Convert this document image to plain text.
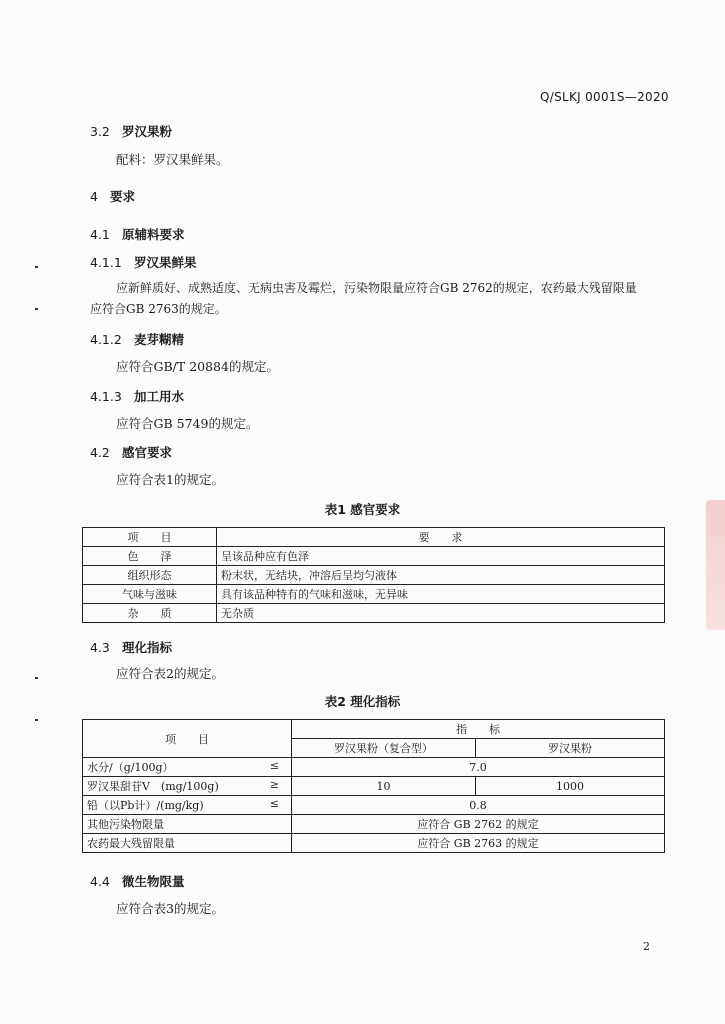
Q/SLKJ 0001S—2020
3.2 罗汉果粉
配料：罗汉果鲜果。
4 要求
4.1 原辅料要求
4.1.1 罗汉果鲜果
应新鲜质好、成熟适度、无病虫害及霉烂，污染物限量应符合GB 2762的规定，农药最大残留限量
应符合GB 2763的规定。
4.1.2 麦芽糊精
应符合GB/T 20884的规定。
4.1.3 加工用水
应符合GB 5749的规定。
4.2 感官要求
应符合表1的规定。
表1 感官要求
项　　目	要　　求
色　　泽	呈该品种应有色泽
组织形态	粉末状，无结块，冲溶后呈均匀液体
气味与滋味	具有该品种特有的气味和滋味，无异味
杂　　质	无杂质
4.3 理化指标
应符合表2的规定。
表2 理化指标
项　　目	指　　标	
	罗汉果粉（复合型）	罗汉果粉
水分/（g/100g） ≤	7.0	
罗汉果甜苷V　(mg/100g) ≥	10	1000
铅（以Pb计）/(mg/kg) ≤	0.8	
其他污染物限量	应符合 GB 2762 的规定	
农药最大残留限量	应符合 GB 2763 的规定	
4.4 微生物限量
应符合表3的规定。
2
